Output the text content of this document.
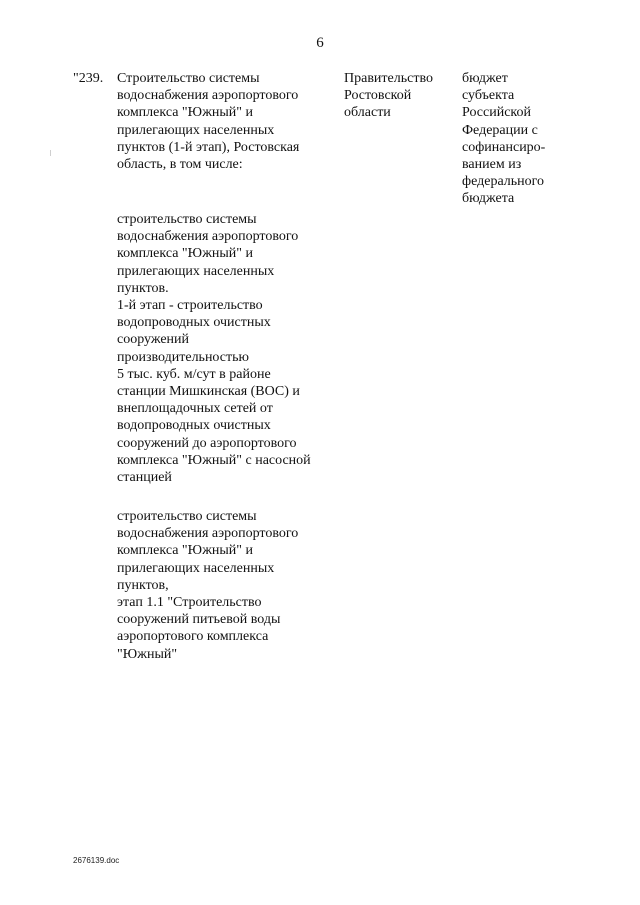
6
"239. Строительство системы
водоснабжения аэропортового
комплекса "Южный" и
прилегающих населенных
пунктов (1-й этап), Ростовская
область, в том числе:

строительство системы
водоснабжения аэропортового
комплекса "Южный" и
прилегающих населенных
пунктов.
1-й этап - строительство
водопроводных очистных
сооружений
производительностью
5 тыс. куб. м/сут в районе
станции Мишкинская (ВОС) и
внеплощадочных сетей от
водопроводных очистных
сооружений до аэропортового
комплекса "Южный" с насосной
станцией

строительство системы
водоснабжения аэропортового
комплекса "Южный" и
прилегающих населенных
пунктов,
этап 1.1 "Строительство
сооружений питьевой воды
аэропортового комплекса
"Южный"

Правительство
Ростовской
области
бюджет
субъекта
Российской
Федерации с
софинансиро-
ванием из
федерального
бюджета
2676139.doc
